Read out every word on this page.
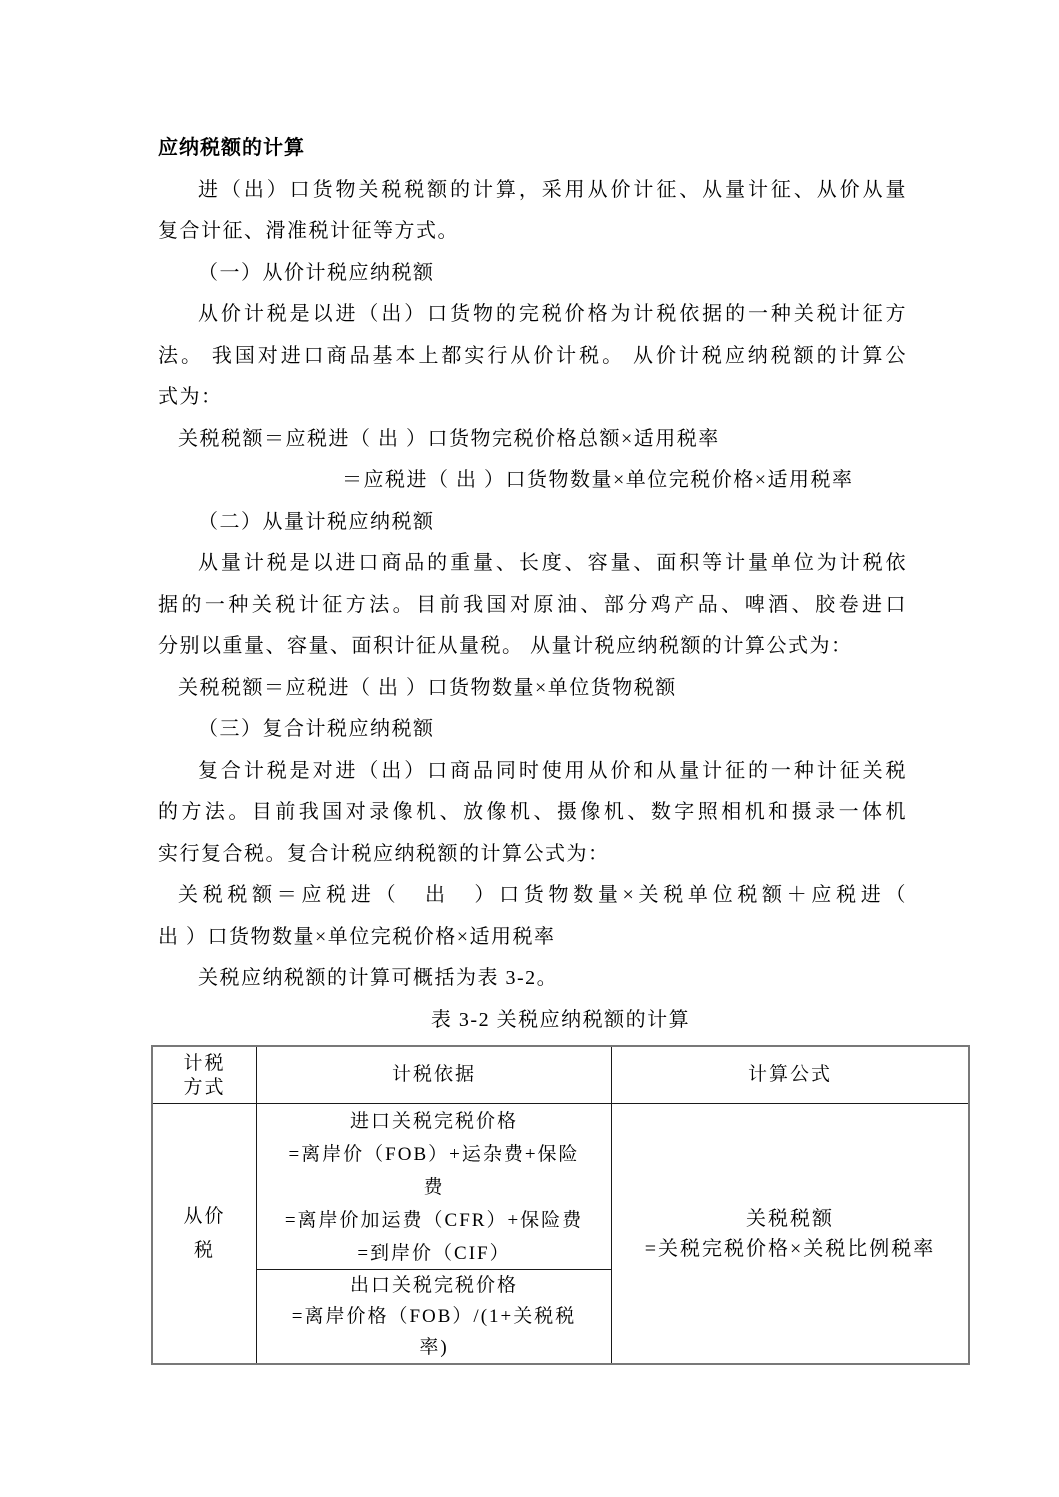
应纳税额的计算
进（出）口货物关税税额的计算，采用从价计征、从量计征、从价从量
复合计征、滑准税计征等方式。
（一）从价计税应纳税额
从价计税是以进（出）口货物的完税价格为计税依据的一种关税计征方
法。 我国对进口商品基本上都实行从价计税。 从价计税应纳税额的计算公
式为：
关税税额＝应税进（ 出 ）口货物完税价格总额×适用税率
＝应税进（ 出 ）口货物数量×单位完税价格×适用税率
（二）从量计税应纳税额
从量计税是以进口商品的重量、长度、容量、面积等计量单位为计税依
据的一种关税计征方法。目前我国对原油、部分鸡产品、啤酒、胶卷进口
分别以重量、容量、面积计征从量税。 从量计税应纳税额的计算公式为：
关税税额＝应税进（ 出 ）口货物数量×单位货物税额
（三）复合计税应纳税额
复合计税是对进（出）口商品同时使用从价和从量计征的一种计征关税
的方法。目前我国对录像机、放像机、摄像机、数字照相机和摄录一体机
实行复合税。复合计税应纳税额的计算公式为：
关税税额＝应税进（　出　）口货物数量×关税单位税额＋应税进（
出 ）口货物数量×单位完税价格×适用税率
关税应纳税额的计算可概括为表 3-2。
表 3-2 关税应纳税额的计算
计税
方式
计税依据	计算公式
从价
税
进口关税完税价格
=离岸价（FOB）+运杂费+保险
费
=离岸价加运费（CFR）+保险费
=到岸价（CIF）
出口关税完税价格
=离岸价格（FOB）/(1+关税税
率)
关税税额
=关税完税价格×关税比例税率
